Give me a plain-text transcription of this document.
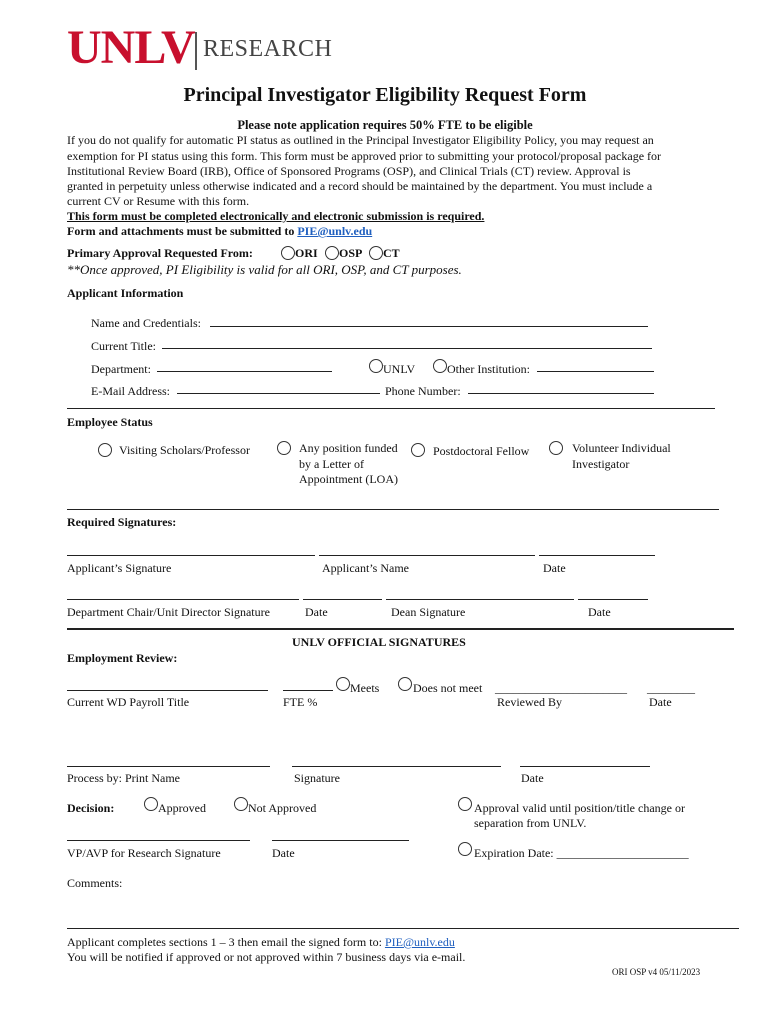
UNLV RESEARCH
Principal Investigator Eligibility Request Form
Please note application requires 50% FTE to be eligible
If you do not qualify for automatic PI status as outlined in the Principal Investigator Eligibility Policy, you may request an
exemption for PI status using this form. This form must be approved prior to submitting your protocol/proposal package for
Institutional Review Board (IRB), Office of Sponsored Programs (OSP), and Clinical Trials (CT) review. Approval is
granted in perpetuity unless otherwise indicated and a record should be maintained by the department. You must include a
current CV or Resume with this form.
This form must be completed electronically and electronic submission is required.
Form and attachments must be submitted to PIE@unlv.edu
Primary Approval Requested From:	ORI OSP CT
**Once approved, PI Eligibility is valid for all ORI, OSP, and CT purposes.
Applicant Information
Name and Credentials:
Current Title:
Department:	UNLV	Other Institution:
E-Mail Address:	Phone Number:
Employee Status
Visiting Scholars/Professor	Any position funded
by a Letter of
Appointment (LOA)
Postdoctoral Fellow	Volunteer Individual
Investigator
Required Signatures:
Applicant’s Signature	Applicant’s Name	Date
Department Chair/Unit Director Signature	Date	Dean Signature	Date
UNLV OFFICIAL SIGNATURES
Employment Review:
Meets	Does not meet ______________________ ________
Current WD Payroll Title	FTE %	Reviewed By	Date
Process by: Print Name	Signature	Date
Decision:	Approved	Not Approved	Approval valid until position/title change or
separation from UNLV.
VP/AVP for Research Signature	Date	Expiration Date: ______________________
Comments:
Applicant completes sections 1 – 3 then email the signed form to: PIE@unlv.edu
You will be notified if approved or not approved within 7 business days via e-mail.
ORI OSP v4 05/11/2023
